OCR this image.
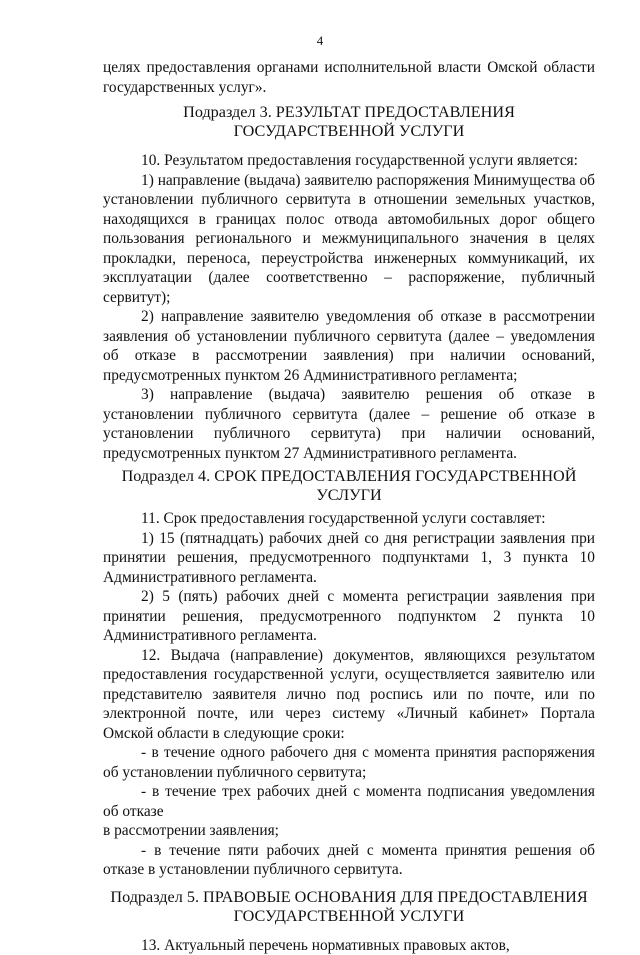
4

целях предоставления органами исполнительной власти Омской области государственных услуг».

Подраздел 3. РЕЗУЛЬТАТ ПРЕДОСТАВЛЕНИЯ ГОСУДАРСТВЕННОЙ УСЛУГИ

10. Результатом предоставления государственной услуги является:

1) направление (выдача) заявителю распоряжения Минимущества об установлении публичного сервитута в отношении земельных участков, находящихся в границах полос отвода автомобильных дорог общего пользования регионального и межмуниципального значения в целях прокладки, переноса, переустройства инженерных коммуникаций, их эксплуатации (далее соответственно – распоряжение, публичный сервитут);

2) направление заявителю уведомления об отказе в рассмотрении заявления об установлении публичного сервитута (далее – уведомления об отказе в рассмотрении заявления) при наличии оснований, предусмотренных пунктом 26 Административного регламента;

3) направление (выдача) заявителю решения об отказе в установлении публичного сервитута (далее – решение об отказе в установлении публичного сервитута) при наличии оснований, предусмотренных пунктом 27 Административного регламента.

Подраздел 4. СРОК ПРЕДОСТАВЛЕНИЯ ГОСУДАРСТВЕННОЙ УСЛУГИ

11. Срок предоставления государственной услуги составляет:

1) 15 (пятнадцать) рабочих дней со дня регистрации заявления при принятии решения, предусмотренного подпунктами 1, 3 пункта 10 Административного регламента.

2) 5 (пять) рабочих дней с момента регистрации заявления при принятии решения, предусмотренного подпунктом 2 пункта 10 Административного регламента.

12. Выдача (направление) документов, являющихся результатом предоставления государственной услуги, осуществляется заявителю или представителю заявителя лично под роспись или по почте, или по электронной почте, или через систему «Личный кабинет» Портала Омской области в следующие сроки:

- в течение одного рабочего дня с момента принятия распоряжения об установлении публичного сервитута;

- в течение трех рабочих дней с момента подписания уведомления об отказе

в рассмотрении заявления;

- в течение пяти рабочих дней с момента принятия решения об отказе в установлении публичного сервитута.

Подраздел 5. ПРАВОВЫЕ ОСНОВАНИЯ ДЛЯ ПРЕДОСТАВЛЕНИЯ ГОСУДАРСТВЕННОЙ УСЛУГИ

13. Актуальный перечень нормативных правовых актов,
